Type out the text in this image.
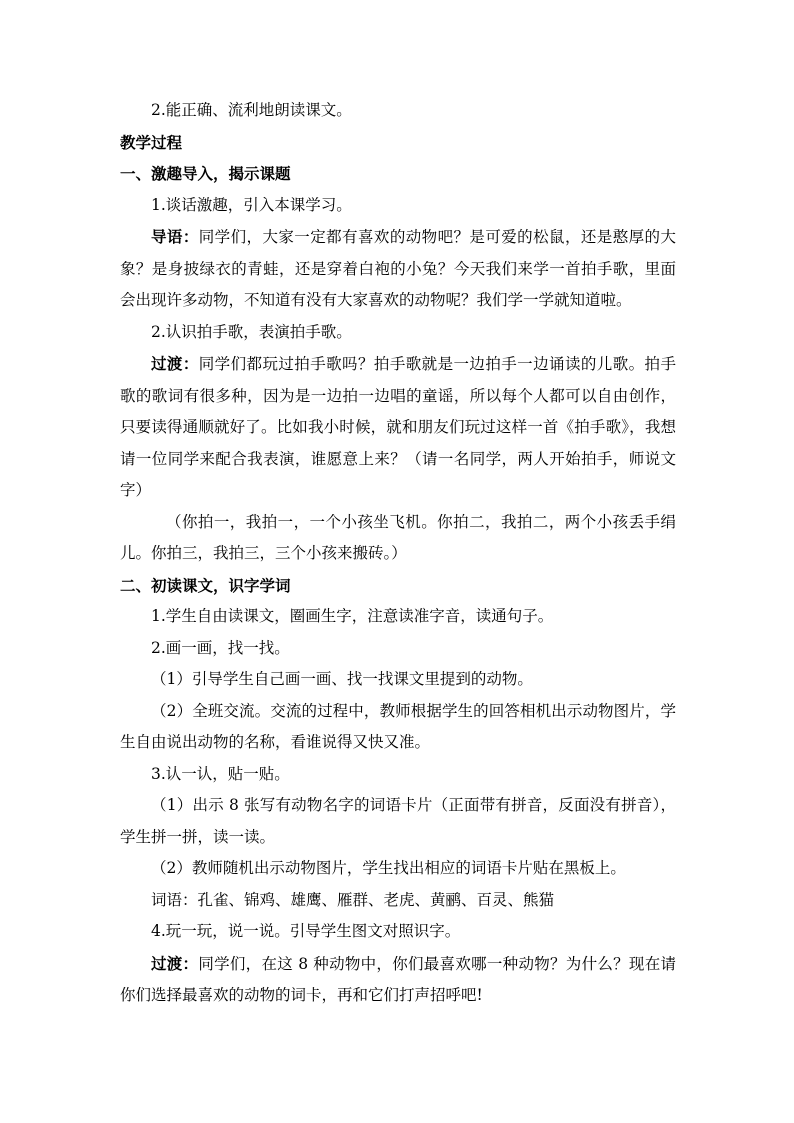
2.能正确、流利地朗读课文。

教学过程

一、激趣导入，揭示课题

1.谈话激趣，引入本课学习。

导语：同学们，大家一定都有喜欢的动物吧？是可爱的松鼠，还是憨厚的大象？是身披绿衣的青蛙，还是穿着白袍的小兔？今天我们来学一首拍手歌，里面会出现许多动物，不知道有没有大家喜欢的动物呢？我们学一学就知道啦。

2.认识拍手歌，表演拍手歌。

过渡：同学们都玩过拍手歌吗？拍手歌就是一边拍手一边诵读的儿歌。拍手歌的歌词有很多种，因为是一边拍一边唱的童谣，所以每个人都可以自由创作，只要读得通顺就好了。比如我小时候，就和朋友们玩过这样一首《拍手歌》，我想请一位同学来配合我表演，谁愿意上来？（请一名同学，两人开始拍手，师说文字）

（你拍一，我拍一，一个小孩坐飞机。你拍二，我拍二，两个小孩丢手绢儿。你拍三，我拍三，三个小孩来搬砖。）

二、初读课文，识字学词

1.学生自由读课文，圈画生字，注意读准字音，读通句子。

2.画一画，找一找。

（1）引导学生自己画一画、找一找课文里提到的动物。

（2）全班交流。交流的过程中，教师根据学生的回答相机出示动物图片，学生自由说出动物的名称，看谁说得又快又准。

3.认一认，贴一贴。

（1）出示 8 张写有动物名字的词语卡片（正面带有拼音，反面没有拼音），学生拼一拼，读一读。

（2）教师随机出示动物图片，学生找出相应的词语卡片贴在黑板上。

词语：孔雀、锦鸡、雄鹰、雁群、老虎、黄鹂、百灵、熊猫

4.玩一玩，说一说。引导学生图文对照识字。

过渡：同学们，在这 8 种动物中，你们最喜欢哪一种动物？为什么？现在请你们选择最喜欢的动物的词卡，再和它们打声招呼吧!
